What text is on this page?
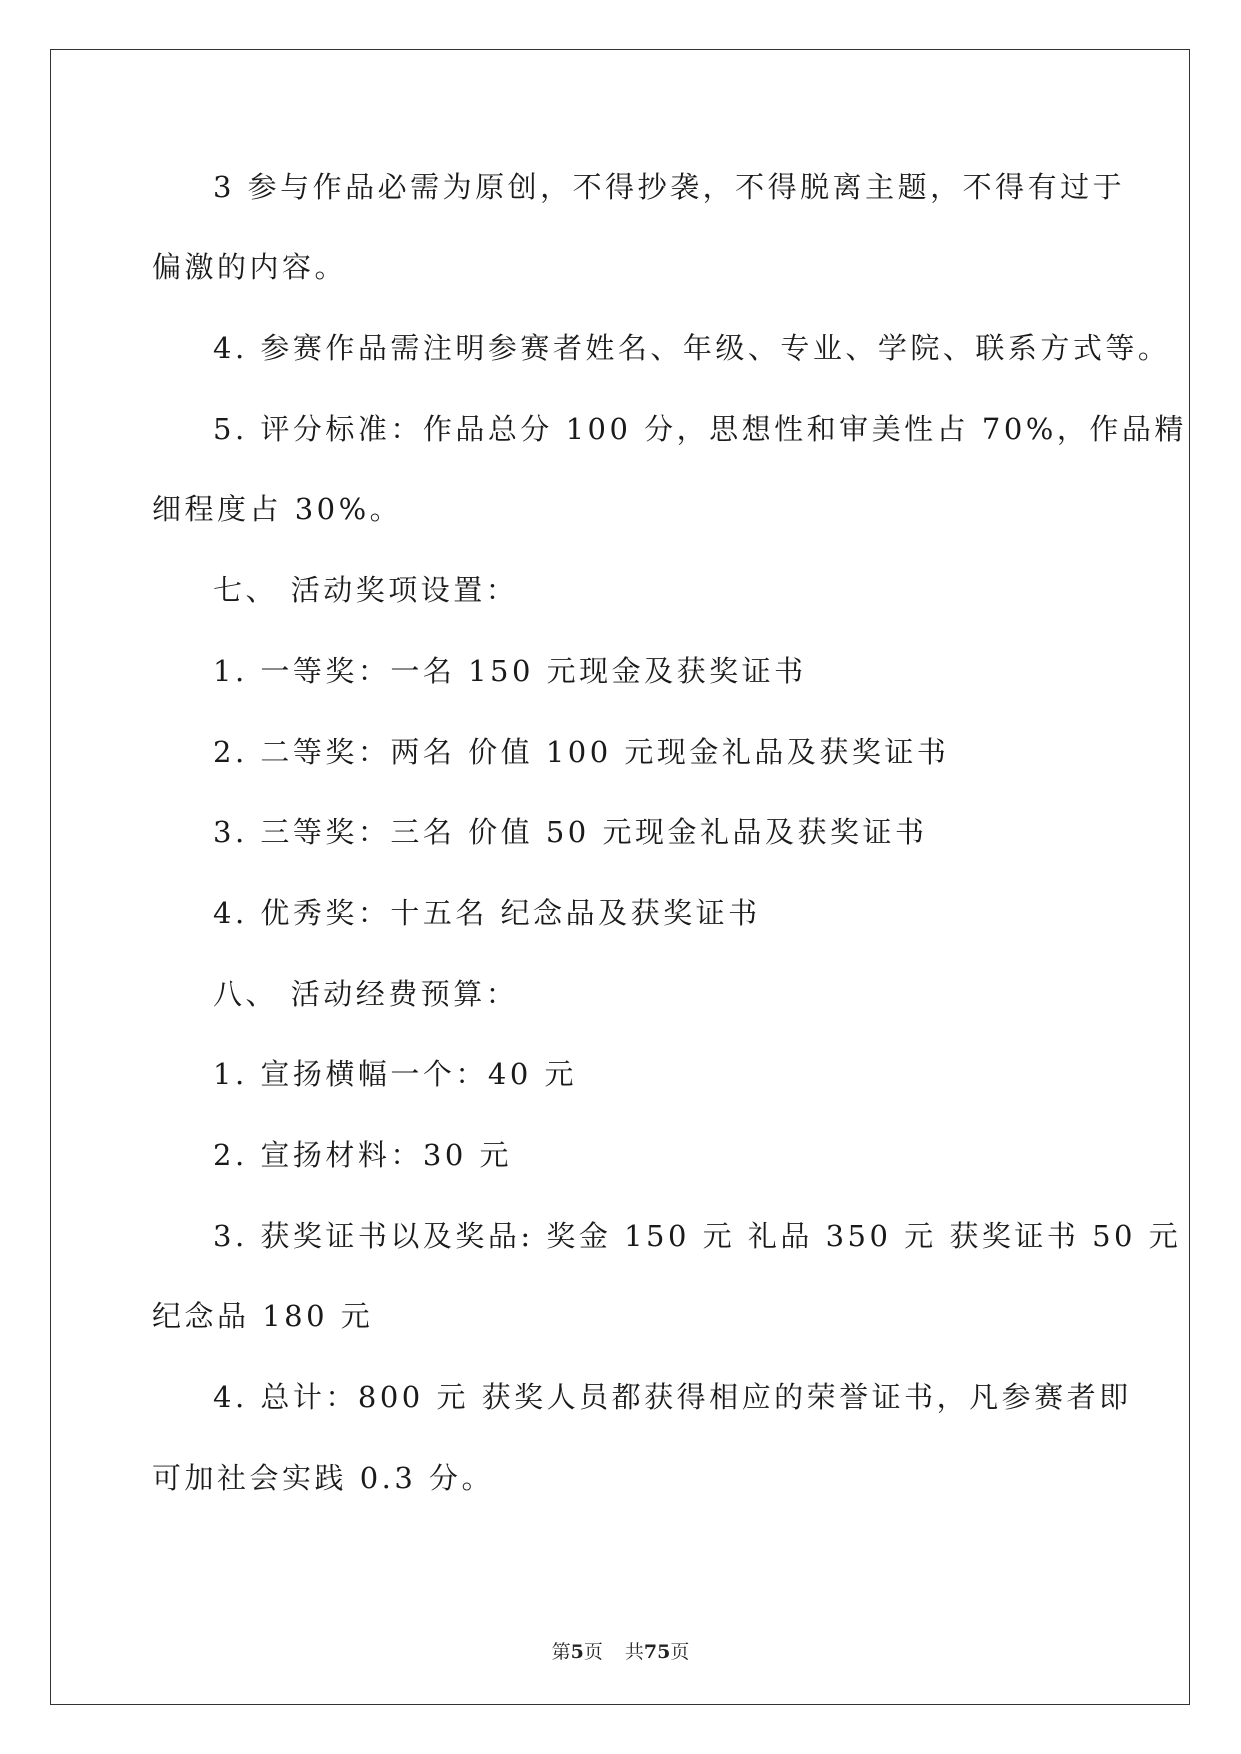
3 参与作品必需为原创，不得抄袭，不得脱离主题，不得有过于
偏激的内容。
4. 参赛作品需注明参赛者姓名、年级、专业、学院、联系方式等。
5. 评分标准：作品总分 100 分，思想性和审美性占 70%，作品精
细程度占 30%。
七、 活动奖项设置：
1. 一等奖：一名 150 元现金及获奖证书
2. 二等奖：两名 价值 100 元现金礼品及获奖证书
3. 三等奖：三名 价值 50 元现金礼品及获奖证书
4. 优秀奖：十五名 纪念品及获奖证书
八、 活动经费预算：
1. 宣扬横幅一个：40 元
2. 宣扬材料：30 元
3. 获奖证书以及奖品: 奖金 150 元 礼品 350 元 获奖证书 50 元
纪念品 180 元
4. 总计：800 元 获奖人员都获得相应的荣誉证书，凡参赛者即
可加社会实践 0.3 分。
第5页 共75页
